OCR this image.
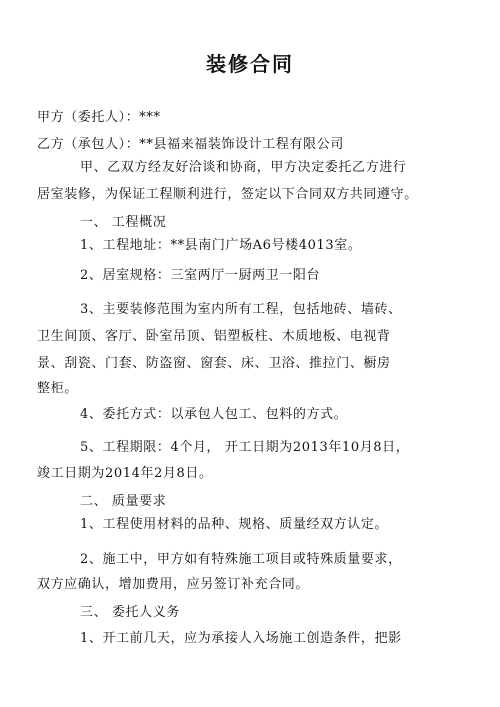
装修合同
甲方（委托人）：***
乙方（承包人）：**县福来福装饰设计工程有限公司
甲、乙双方经友好洽谈和协商，甲方决定委托乙方进行
居室装修，为保证工程顺利进行，签定以下合同双方共同遵守。
一、 工程概况
1、工程地址：**县南门广场A6号楼4013室。
2、居室规格：三室两厅一厨两卫一阳台
3、主要装修范围为室内所有工程，包括地砖、墙砖、
卫生间顶、客厅、卧室吊顶、铝塑板柱、木质地板、电视背
景、刮瓷、门套、防盗窗、窗套、床、卫浴、推拉门、橱房
整柜。
4、委托方式：以承包人包工、包料的方式。
5、工程期限：4个月， 开工日期为2013年10月8日，
竣工日期为2014年2月8日。
二、 质量要求
1、工程使用材料的品种、规格、质量经双方认定。
2、施工中，甲方如有特殊施工项目或特殊质量要求，
双方应确认，增加费用，应另签订补充合同。
三、 委托人义务
1、开工前几天，应为承接人入场施工创造条件，把影
